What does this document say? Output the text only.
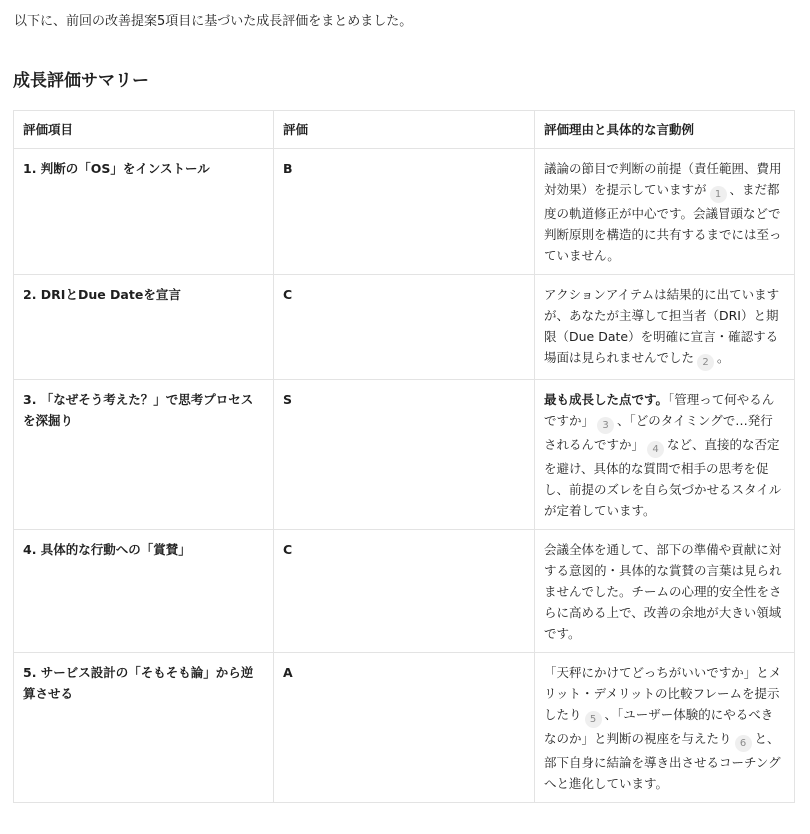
以下に、前回の改善提案5項目に基づいた成長評価をまとめました。
成長評価サマリー
評価項目	評価	評価理由と具体的な言動例
1. 判断の「OS」をインストール	B	議論の節目で判断の前提（責任範囲、費用対効果）を提示していますが 1 、まだ都度の軌道修正が中心です。会議冒頭などで判断原則を構造的に共有するまでには至っていません。
2. DRIとDue Dateを宣言	C	アクションアイテムは結果的に出ていますが、あなたが主導して担当者（DRI）と期限（Due Date）を明確に宣言・確認する場面は見られませんでした 2 。
3. 「なぜそう考えた？」で思考プロセスを深掘り	S	最も成長した点です。「管理って何やるんですか」 3 、「どのタイミングで…発行されるんですか」 4 など、直接的な否定を避け、具体的な質問で相手の思考を促し、前提のズレを自ら気づかせるスタイルが定着しています。
4. 具体的な行動への「賞賛」	C	会議全体を通して、部下の準備や貢献に対する意図的・具体的な賞賛の言葉は見られませんでした。チームの心理的安全性をさらに高める上で、改善の余地が大きい領域です。
5. サービス設計の「そもそも論」から逆算させる	A	「天秤にかけてどっちがいいですか」とメリット・デメリットの比較フレームを提示したり 5 、「ユーザー体験的にやるべきなのか」と判断の視座を与えたり 6 と、部下自身に結論を導き出させるコーチングへと進化しています。
